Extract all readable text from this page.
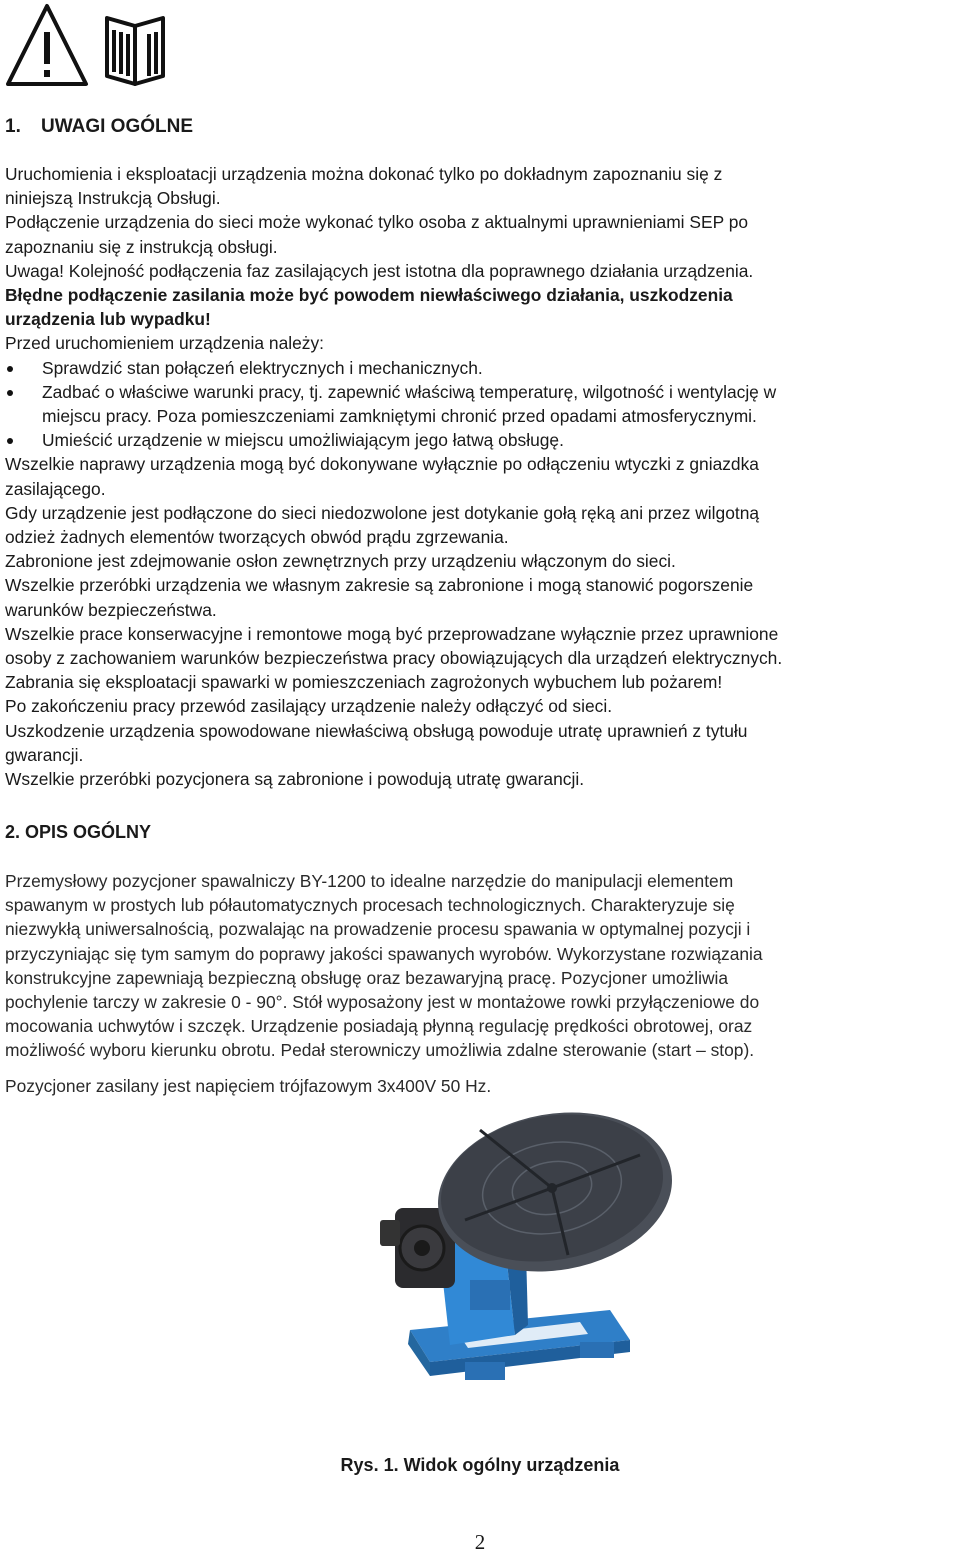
1. UWAGI OGÓLNE

Uruchomienia i eksploatacji urządzenia można dokonać tylko po dokładnym zapoznaniu się z

niniejszą Instrukcją Obsługi.

Podłączenie urządzenia do sieci może wykonać tylko osoba z aktualnymi uprawnieniami SEP po

zapoznaniu się z instrukcją obsługi.

Uwaga! Kolejność podłączenia faz zasilających jest istotna dla poprawnego działania urządzenia.

Błędne podłączenie zasilania może być powodem niewłaściwego działania, uszkodzenia

urządzenia lub wypadku!

Przed uruchomieniem urządzenia należy:

Sprawdzić stan połączeń elektrycznych i mechanicznych.
Zadbać o właściwe warunki pracy, tj. zapewnić właściwą temperaturę, wilgotność i wentylację w
miejscu pracy. Poza pomieszczeniami zamkniętymi chronić przed opadami atmosferycznymi.
Umieścić urządzenie w miejscu umożliwiającym jego łatwą obsługę.

Wszelkie naprawy urządzenia mogą być dokonywane wyłącznie po odłączeniu wtyczki z gniazdka

zasilającego.

Gdy urządzenie jest podłączone do sieci niedozwolone jest dotykanie gołą ręką ani przez wilgotną

odzież żadnych elementów tworzących obwód prądu zgrzewania.

Zabronione jest zdejmowanie osłon zewnętrznych przy urządzeniu włączonym do sieci.

Wszelkie przeróbki urządzenia we własnym zakresie są zabronione i mogą stanowić pogorszenie

warunków bezpieczeństwa.

Wszelkie prace konserwacyjne i remontowe mogą być przeprowadzane wyłącznie przez uprawnione

osoby z zachowaniem warunków bezpieczeństwa pracy obowiązujących dla urządzeń elektrycznych.

Zabrania się eksploatacji spawarki w pomieszczeniach zagrożonych wybuchem lub pożarem!

Po zakończeniu pracy przewód zasilający urządzenie należy odłączyć od sieci.

Uszkodzenie urządzenia spowodowane niewłaściwą obsługą powoduje utratę uprawnień z tytułu

gwarancji.

Wszelkie przeróbki pozycjonera są zabronione i powodują utratę gwarancji.

2. OPIS OGÓLNY

Przemysłowy pozycjoner spawalniczy BY-1200 to idealne narzędzie do manipulacji elementem

spawanym w prostych lub półautomatycznych procesach technologicznych. Charakteryzuje się

niezwykłą uniwersalnością, pozwalając na prowadzenie procesu spawania w optymalnej pozycji i

przyczyniając się tym samym do poprawy jakości spawanych wyrobów. Wykorzystane rozwiązania

konstrukcyjne zapewniają bezpieczną obsługę oraz bezawaryjną pracę. Pozycjoner umożliwia

pochylenie tarczy w zakresie 0 - 90°. Stół wyposażony jest w montażowe rowki przyłączeniowe do

mocowania uchwytów i szczęk. Urządzenie posiadają płynną regulację prędkości obrotowej, oraz

możliwość wyboru kierunku obrotu. Pedał sterowniczy umożliwia zdalne sterowanie (start – stop).

Pozycjoner zasilany jest napięciem trójfazowym 3x400V 50 Hz.
Rys. 1. Widok ogólny urządzenia
2
